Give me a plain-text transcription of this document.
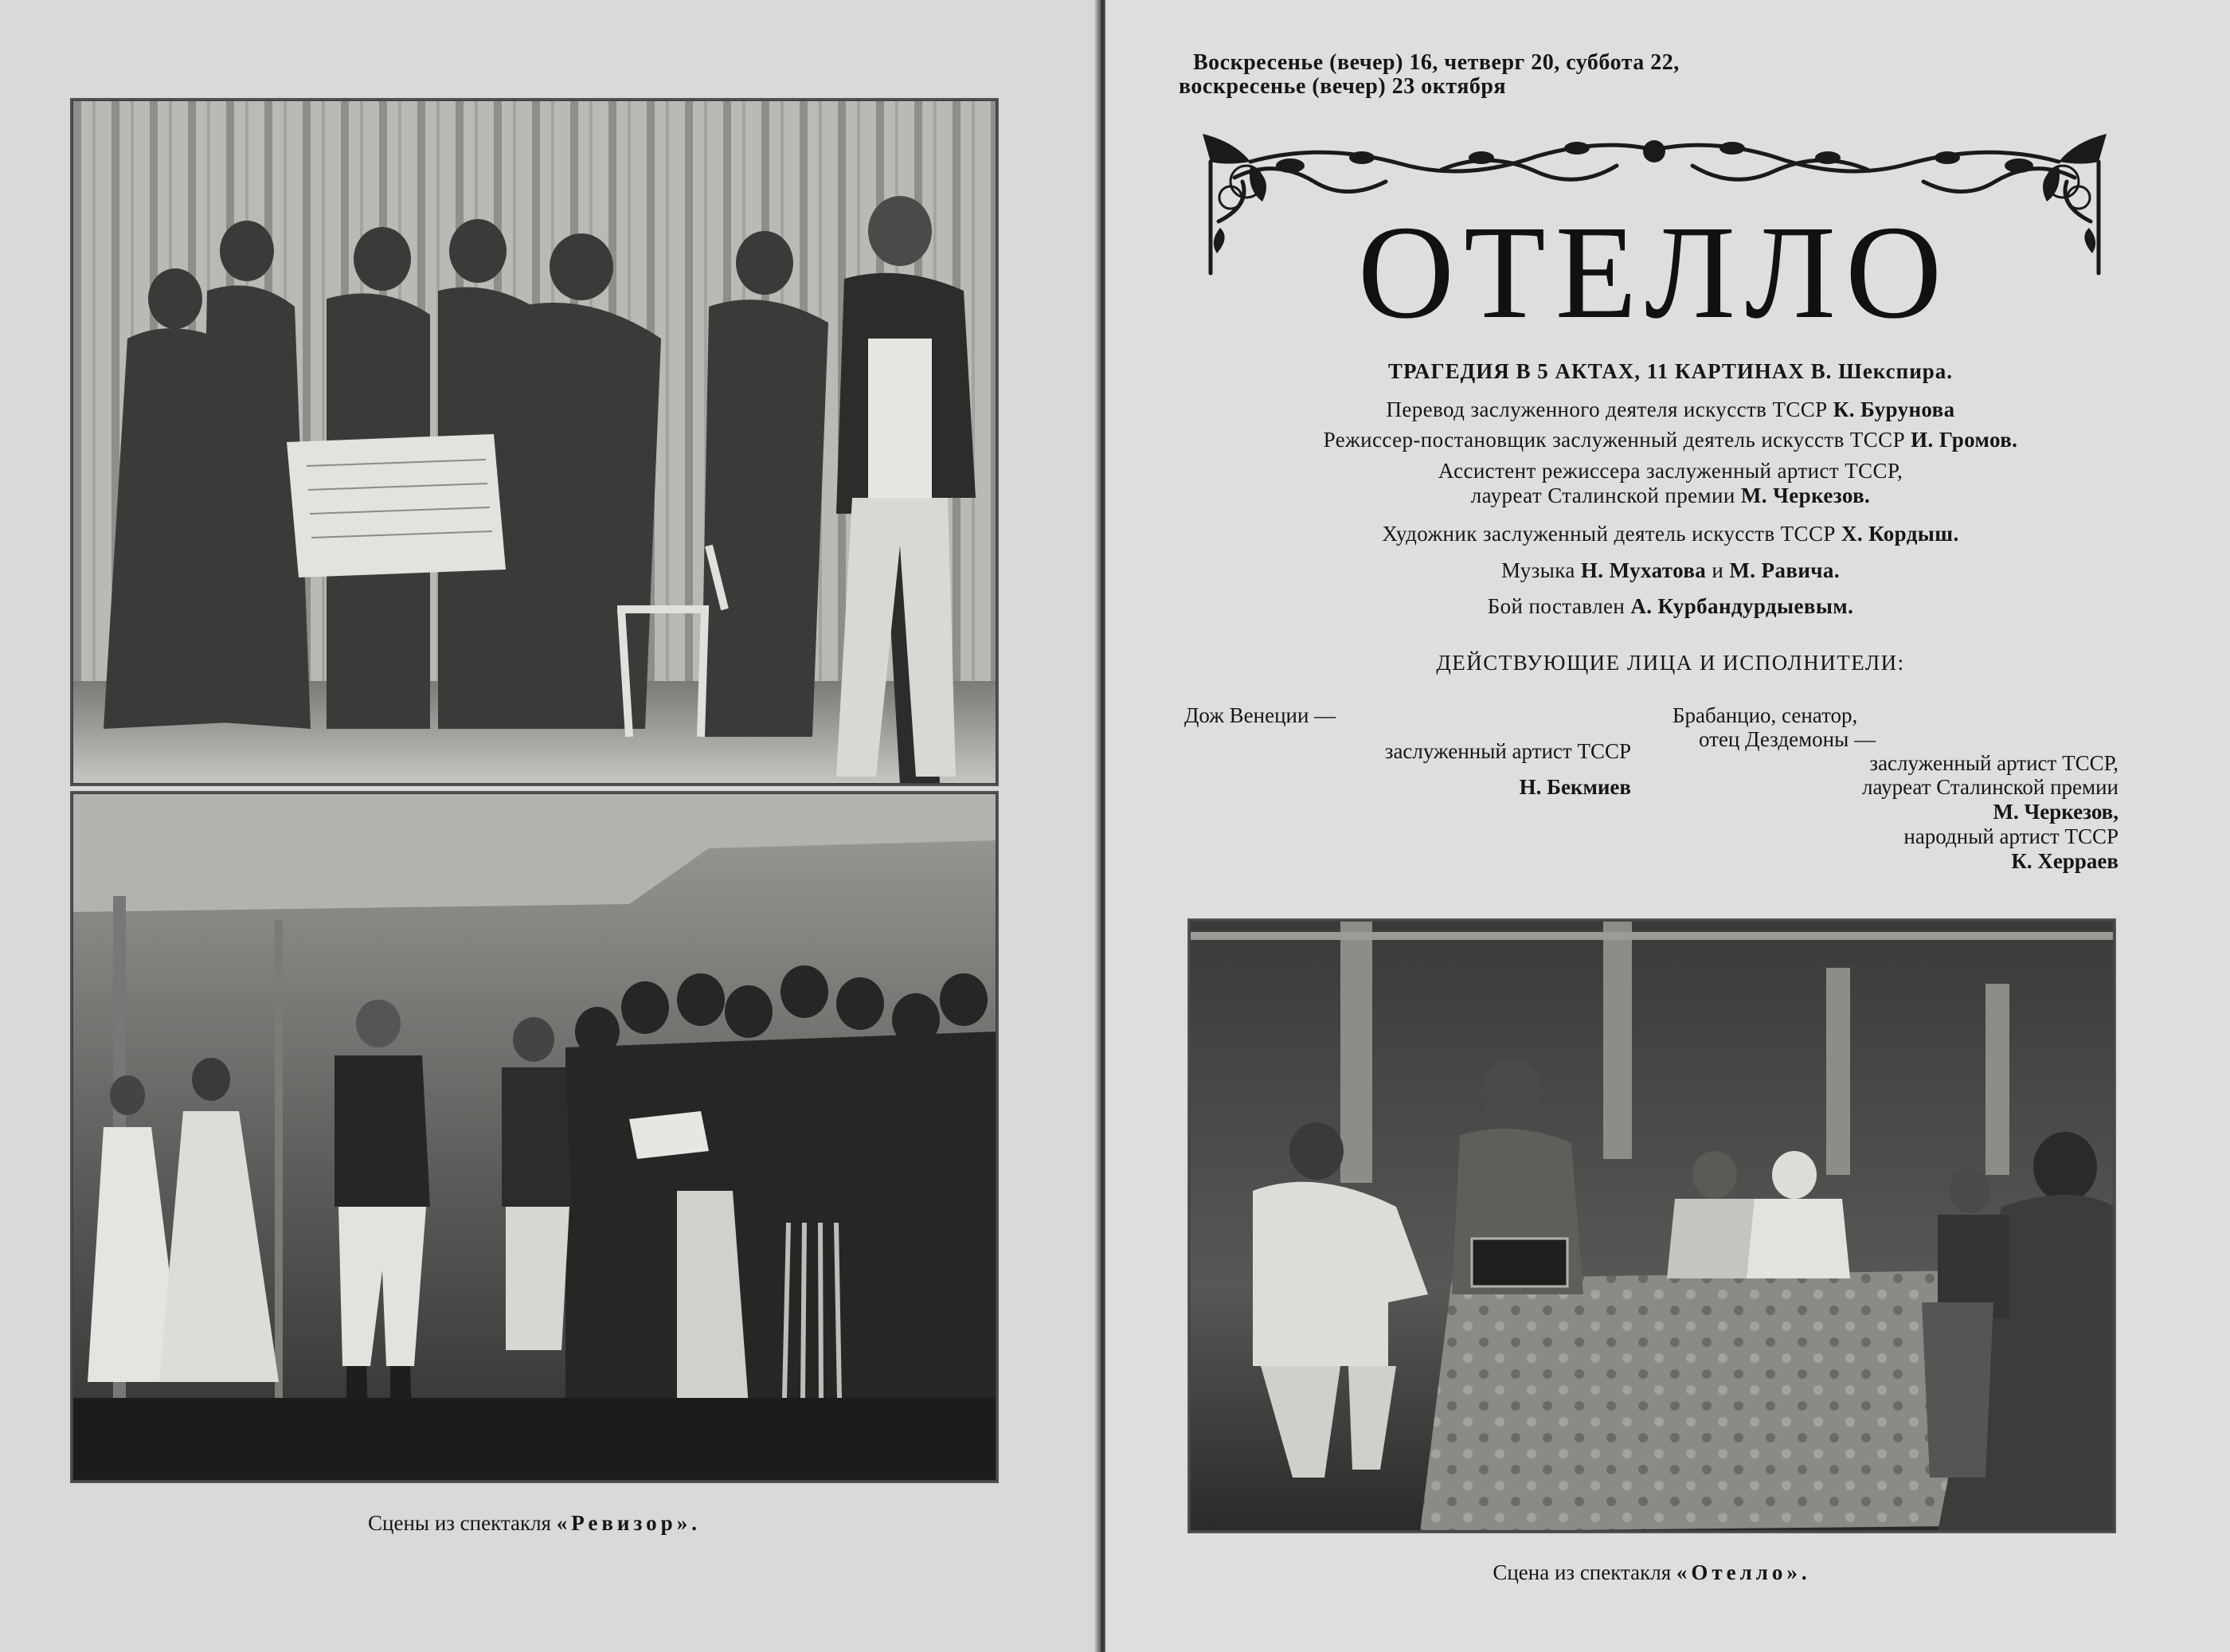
Сцены из спектакля «Ревизор».
Воскресенье (вечер) 16, четверг 20, суббота 22,
воскресенье (вечер) 23 октября
ОТЕЛЛО
ТРАГЕДИЯ В 5 АКТАХ, 11 КАРТИНАХ В. Шекспира.
Перевод заслуженного деятеля искусств ТССР К. Бурунова
Режиссер-постановщик заслуженный деятель искусств ТССР И. Громов.
Ассистент режиссера заслуженный артист ТССР,
лауреат Сталинской премии М. Черкезов.
Художник заслуженный деятель искусств ТССР Х. Кордыш.
Музыка Н. Мухатова и М. Равича.
Бой поставлен А. Курбандурдыевым.
ДЕЙСТВУЮЩИЕ ЛИЦА И ИСПОЛНИТЕЛИ:
Дож Венеции —
заслуженный артист ТССР
Н. Бекмиев
Брабанцио, сенатор,
отец Дездемоны —
заслуженный артист ТССР,
лауреат Сталинской премии
М. Черкезов,
народный артист ТССР
К. Херраев
Сцена из спектакля «Отелло».
